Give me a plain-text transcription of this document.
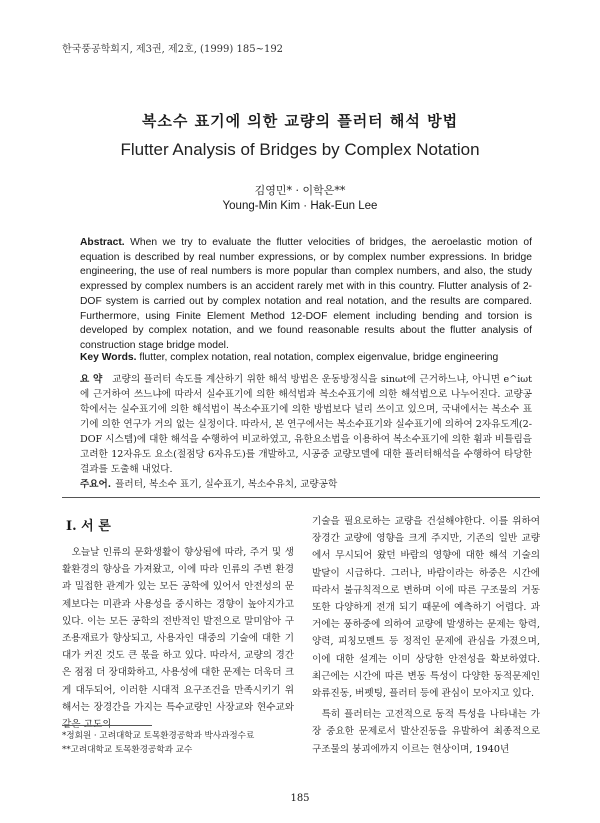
한국풍공학회지, 제3권, 제2호, (1999) 185~192
복소수 표기에 의한 교량의 플러터 해석 방법
Flutter Analysis of Bridges by Complex Notation
김영민* · 이학은**
Young-Min Kim · Hak-Eun Lee
Abstract. When we try to evaluate the flutter velocities of bridges, the aeroelastic motion of equation is described by real number expressions, or by complex number expressions. In bridge engineering, the use of real numbers is more popular than complex numbers, and also, the study expressed by complex numbers is an accident rarely met with in this country. Flutter analysis of 2-DOF system is carried out by complex notation and real notation, and the results are compared. Furthermore, using Finite Element Method 12-DOF element including bending and torsion is developed by complex notation, and we found reasonable results about the flutter analysis of construction stage bridge model.
Key Words. flutter, complex notation, real notation, complex eigenvalue, bridge engineering
요 약 교량의 플러터 속도를 계산하기 위한 해석 방법은 운동방정식을 sinωt에 근거하느냐, 아니면 e^iωt에 근거하여 쓰느냐에 따라서 실수표기에 의한 해석법과 복소수표기에 의한 해석법으로 나누어진다. 교량공학에서는 실수표기에 의한 해석법이 복소수표기에 의한 방법보다 널리 쓰이고 있으며, 국내에서는 복소수 표기에 의한 연구가 거의 없는 실정이다. 따라서, 본 연구에서는 복소수표기와 실수표기에 의하여 2자유도계(2-DOF 시스템)에 대한 해석을 수행하여 비교하였고, 유한요소법을 이용하여 복소수표기에 의한 휨과 비틀림을 고려한 12자유도 요소(절점당 6자유도)를 개발하고, 시공중 교량모델에 대한 플러터해석을 수행하여 타당한 결과를 도출해 내었다.
주요어. 플러터, 복소수 표기, 실수표기, 복소수유치, 교량공학
I. 서 론

오늘날 인류의 문화생활이 향상됨에 따라, 주거 및 생활환경의 향상을 가져왔고, 이에 따라 인류의 주변 환경과 밀접한 관계가 있는 모든 공학에 있어서 안전성의 문제보다는 미관과 사용성을 중시하는 경향이 높아지가고 있다. 이는 모든 공학의 전반적인 발전으로 말미암아 구조용재료가 향상되고, 사용자인 대중의 기술에 대한 기대가 커진 것도 큰 몫을 하고 있다. 따라서, 교량의 경간은 점점 더 장대화하고, 사용성에 대한 문제는 더욱더 크게 대두되어, 이러한 시대적 요구조건을 만족시키기 위해서는 장경간을 가지는 특수교량인 사장교와 현수교와 같은 고도의

기술을 필요로하는 교량을 건설해야한다. 이를 위하여 장경간 교량에 영향을 크게 주지만, 기존의 일반 교량에서 무시되어 왔던 바람의 영향에 대한 해석 기술의 발달이 시급하다. 그러나, 바람이라는 하중은 시간에 따라서 불규칙적으로 변하며 이에 따른 구조물의 거동 또한 다양하게 전개 되기 때문에 예측하기 어렵다. 과거에는 풍하중에 의하여 교량에 발생하는 문제는 항력, 양력, 피칭모멘트 등 정적인 문제에 관심을 가졌으며, 이에 대한 설계는 이미 상당한 안전성을 확보하였다. 최근에는 시간에 따른 변동 특성이 다양한 동적문제인 와류진동, 버펫팅, 플러터 등에 관심이 모아지고 있다.

특히 플러터는 고전적으로 동적 특성을 나타내는 가장 중요한 문제로서 발산진동을 유발하여 최종적으로 구조물의 붕괴에까지 이르는 현상이며, 1940년

*정회원 · 고려대학교 토목환경공학과 박사과정수료
**고려대학교 토목환경공학과 교수
185
